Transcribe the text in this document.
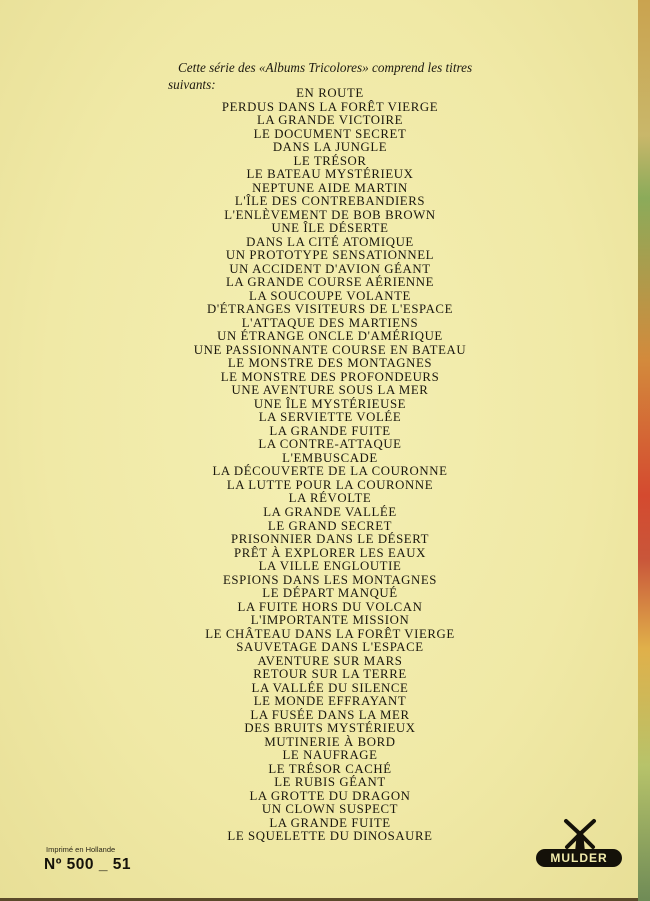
Cette série des «Albums Tricolores» comprend les titres suivants:

EN ROUTE
PERDUS DANS LA FORÊT VIERGE
LA GRANDE VICTOIRE
LE DOCUMENT SECRET
DANS LA JUNGLE
LE TRÉSOR
LE BATEAU MYSTÉRIEUX
NEPTUNE AIDE MARTIN
L'ÎLE DES CONTREBANDIERS
L'ENLÈVEMENT DE BOB BROWN
UNE ÎLE DÉSERTE
DANS LA CITÉ ATOMIQUE
UN PROTOTYPE SENSATIONNEL
UN ACCIDENT D'AVION GÉANT
LA GRANDE COURSE AÉRIENNE
LA SOUCOUPE VOLANTE
D'ÉTRANGES VISITEURS DE L'ESPACE
L'ATTAQUE DES MARTIENS
UN ÉTRANGE ONCLE D'AMÉRIQUE
UNE PASSIONNANTE COURSE EN BATEAU
LE MONSTRE DES MONTAGNES
LE MONSTRE DES PROFONDEURS
UNE AVENTURE SOUS LA MER
UNE ÎLE MYSTÉRIEUSE
LA SERVIETTE VOLÉE
LA GRANDE FUITE
LA CONTRE-ATTAQUE
L'EMBUSCADE
LA DÉCOUVERTE DE LA COURONNE
LA LUTTE POUR LA COURONNE
LA RÉVOLTE
LA GRANDE VALLÉE
LE GRAND SECRET
PRISONNIER DANS LE DÉSERT
PRÊT À EXPLORER LES EAUX
LA VILLE ENGLOUTIE
ESPIONS DANS LES MONTAGNES
LE DÉPART MANQUÉ
LA FUITE HORS DU VOLCAN
L'IMPORTANTE MISSION
LE CHÂTEAU DANS LA FORÊT VIERGE
SAUVETAGE DANS L'ESPACE
AVENTURE SUR MARS
RETOUR SUR LA TERRE
LA VALLÉE DU SILENCE
LE MONDE EFFRAYANT
LA FUSÉE DANS LA MER
DES BRUITS MYSTÉRIEUX
MUTINERIE À BORD
LE NAUFRAGE
LE TRÉSOR CACHÉ
LE RUBIS GÉANT
LA GROTTE DU DRAGON
UN CLOWN SUSPECT
LA GRANDE FUITE
LE SQUELETTE DU DINOSAURE
Imprimé en Hollande
Nº 500 _ 51	MULDER
